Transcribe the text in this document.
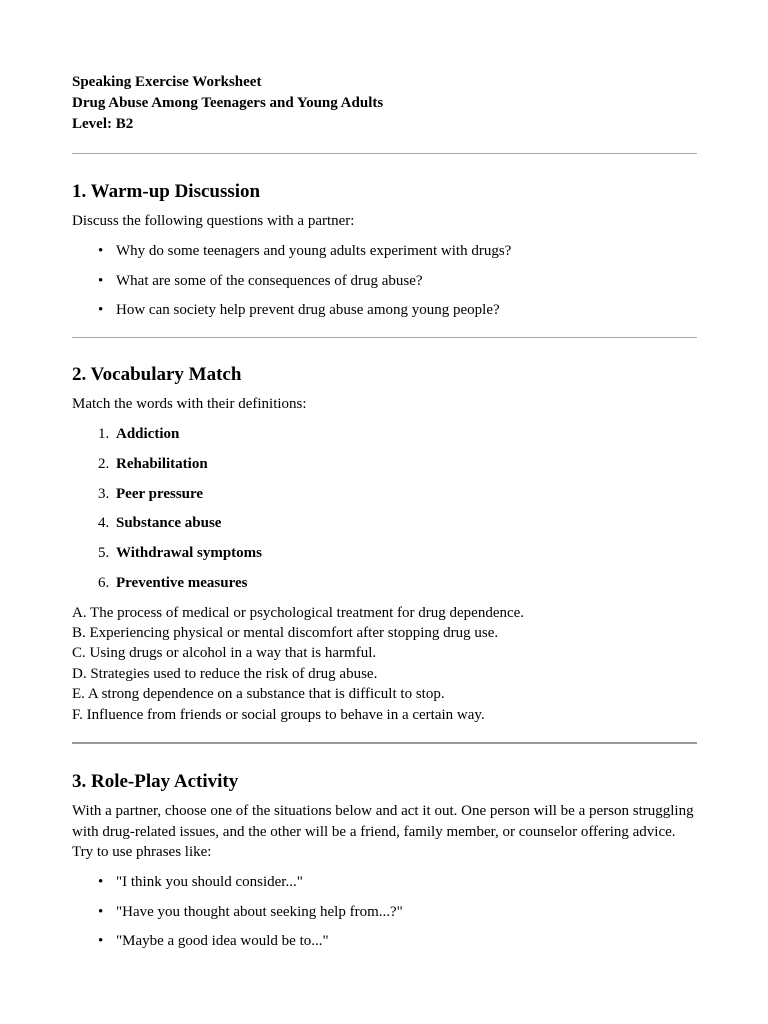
Speaking Exercise Worksheet
Drug Abuse Among Teenagers and Young Adults
Level: B2
1. Warm-up Discussion

Discuss the following questions with a partner:

• Why do some teenagers and young adults experiment with drugs?
• What are some of the consequences of drug abuse?
• How can society help prevent drug abuse among young people?
2. Vocabulary Match

Match the words with their definitions:

1. Addiction
2. Rehabilitation
3. Peer pressure
4. Substance abuse
5. Withdrawal symptoms
6. Preventive measures
A. The process of medical or psychological treatment for drug dependence.
B. Experiencing physical or mental discomfort after stopping drug use.
C. Using drugs or alcohol in a way that is harmful.
D. Strategies used to reduce the risk of drug abuse.
E. A strong dependence on a substance that is difficult to stop.
F. Influence from friends or social groups to behave in a certain way.
3. Role-Play Activity

With a partner, choose one of the situations below and act it out. One person will be a person struggling with drug-related issues, and the other will be a friend, family member, or counselor offering advice. Try to use phrases like:

• "I think you should consider..."
• "Have you thought about seeking help from...?"
• "Maybe a good idea would be to..."
